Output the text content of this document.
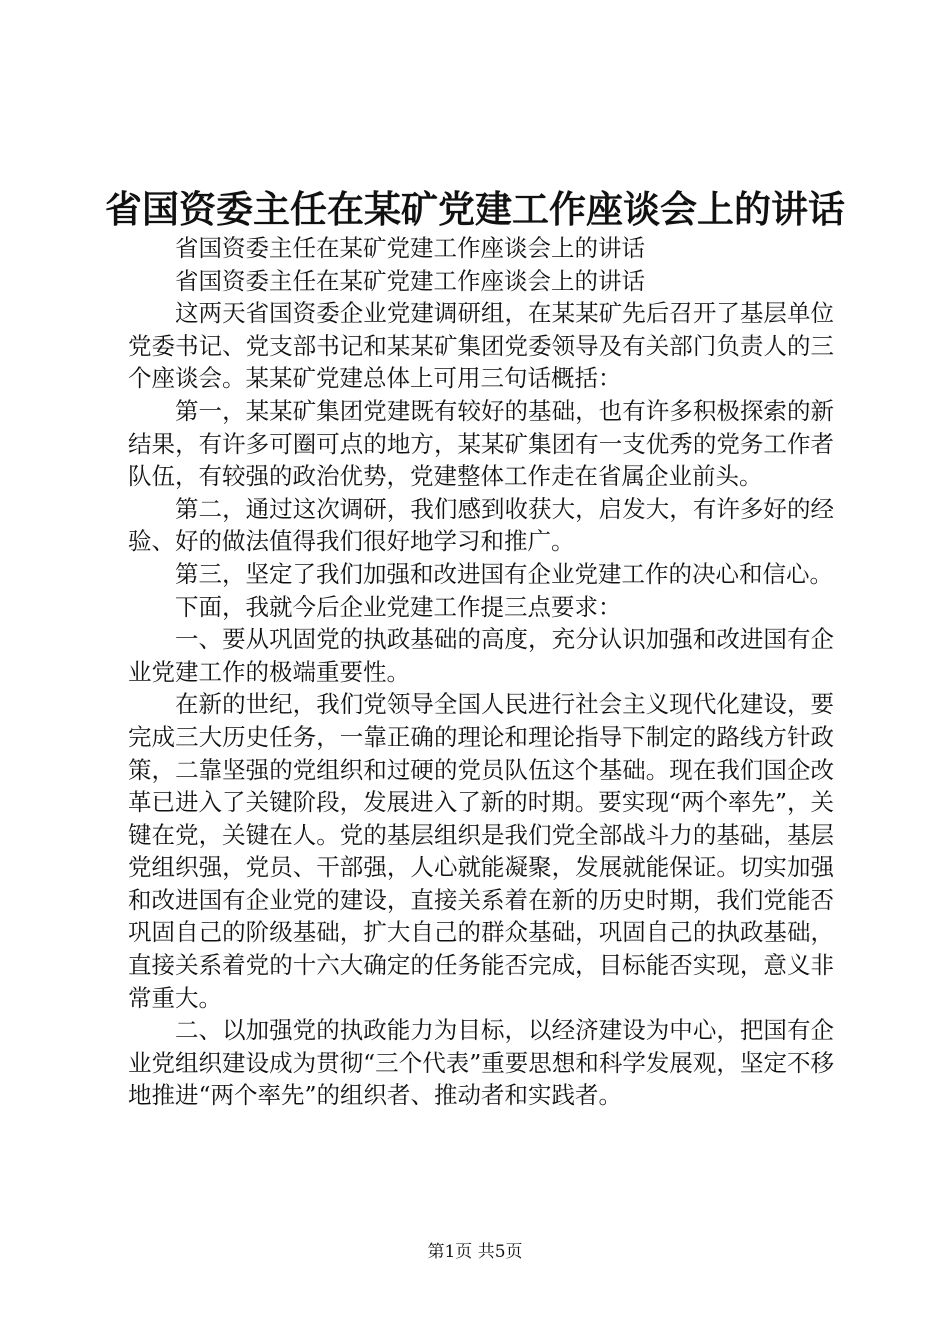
省国资委主任在某矿党建工作座谈会上的讲话

省国资委主任在某矿党建工作座谈会上的讲话

省国资委主任在某矿党建工作座谈会上的讲话

这两天省国资委企业党建调研组，在某某矿先后召开了基层单位党委书记、党支部书记和某某矿集团党委领导及有关部门负责人的三个座谈会。某某矿党建总体上可用三句话概括：

第一，某某矿集团党建既有较好的基础，也有许多积极探索的新结果，有许多可圈可点的地方，某某矿集团有一支优秀的党务工作者队伍，有较强的政治优势，党建整体工作走在省属企业前头。

第二，通过这次调研，我们感到收获大，启发大，有许多好的经验、好的做法值得我们很好地学习和推广。

第三，坚定了我们加强和改进国有企业党建工作的决心和信心。

下面，我就今后企业党建工作提三点要求：

一、要从巩固党的执政基础的高度，充分认识加强和改进国有企业党建工作的极端重要性。

在新的世纪，我们党领导全国人民进行社会主义现代化建设，要完成三大历史任务，一靠正确的理论和理论指导下制定的路线方针政策，二靠坚强的党组织和过硬的党员队伍这个基础。现在我们国企改革已进入了关键阶段，发展进入了新的时期。要实现“两个率先”，关键在党，关键在人。党的基层组织是我们党全部战斗力的基础，基层党组织强，党员、干部强，人心就能凝聚，发展就能保证。切实加强和改进国有企业党的建设，直接关系着在新的历史时期，我们党能否巩固自己的阶级基础，扩大自己的群众基础，巩固自己的执政基础，直接关系着党的十六大确定的任务能否完成，目标能否实现，意义非常重大。

二、以加强党的执政能力为目标，以经济建设为中心，把国有企业党组织建设成为贯彻“三个代表”重要思想和科学发展观，坚定不移地推进“两个率先”的组织者、推动者和实践者。

第1页 共5页
